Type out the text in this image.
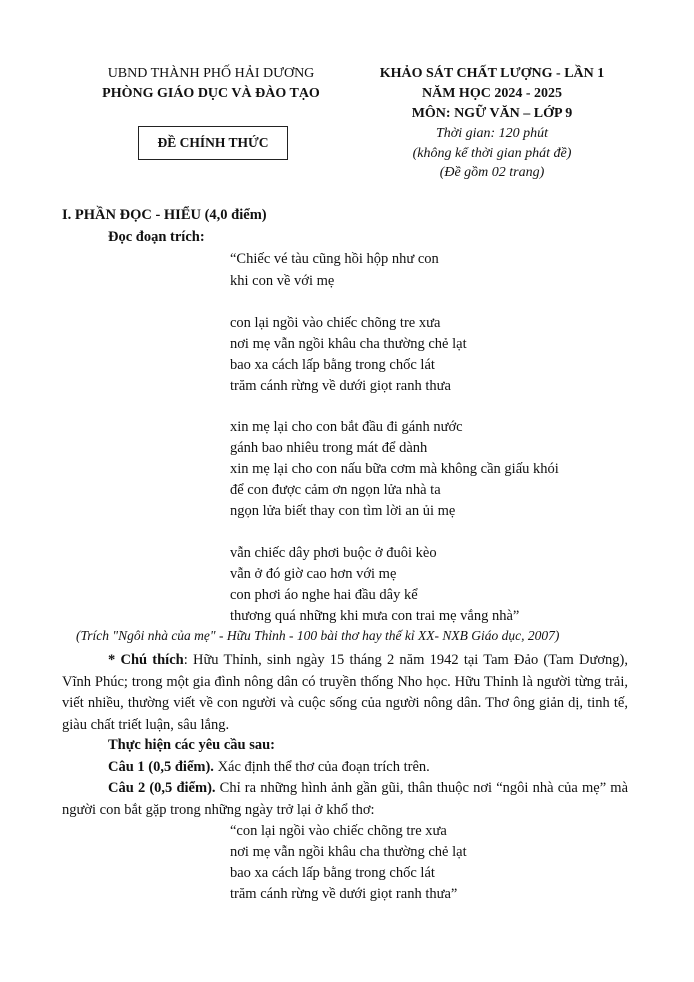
UBND THÀNH PHỐ HẢI DƯƠNG
PHÒNG GIÁO DỤC VÀ ĐÀO TẠO
ĐỀ CHÍNH THỨC
KHẢO SÁT CHẤT LƯỢNG - LẦN 1
NĂM HỌC 2024 - 2025
MÔN: NGỮ VĂN – LỚP 9
Thời gian: 120 phút
(không kể thời gian phát đề)
(Đề gồm 02 trang)
I. PHẦN ĐỌC - HIỂU (4,0 điểm)
Đọc đoạn trích:
“Chiếc vé tàu cũng hồi hộp như con
khi con về với mẹ
con lại ngồi vào chiếc chõng tre xưa
nơi mẹ vẫn ngồi khâu cha thường chẻ lạt
bao xa cách lấp bằng trong chốc lát
trăm cánh rừng về dưới giọt ranh thưa
xin mẹ lại cho con bắt đầu đi gánh nước
gánh bao nhiêu trong mát để dành
xin mẹ lại cho con nấu bữa cơm mà không cần giấu khói
để con được cảm ơn ngọn lửa nhà ta
ngọn lửa biết thay con tìm lời an ủi mẹ
vẫn chiếc dây phơi buộc ở đuôi kèo
vẫn ở đó giờ cao hơn với mẹ
con phơi áo nghe hai đầu dây kể
thương quá những khi mưa con trai mẹ vắng nhà”
(Trích "Ngôi nhà của mẹ" - Hữu Thỉnh - 100 bài thơ hay thế kỉ XX- NXB Giáo dục, 2007)
* Chú thích: Hữu Thỉnh, sinh ngày 15 tháng 2 năm 1942 tại Tam Đảo (Tam Dương), Vĩnh Phúc; trong một gia đình nông dân có truyền thống Nho học. Hữu Thỉnh là người từng trải, viết nhiều, thường viết về con người và cuộc sống của người nông dân. Thơ ông giản dị, tinh tế, giàu chất triết luận, sâu lắng.
Thực hiện các yêu cầu sau:
Câu 1 (0,5 điểm). Xác định thể thơ của đoạn trích trên.
Câu 2 (0,5 điểm). Chỉ ra những hình ảnh gần gũi, thân thuộc nơi “ngôi nhà của mẹ” mà người con bắt gặp trong những ngày trở lại ở khổ thơ:
“con lại ngồi vào chiếc chõng tre xưa
nơi mẹ vẫn ngồi khâu cha thường chẻ lạt
bao xa cách lấp bằng trong chốc lát
trăm cánh rừng về dưới giọt ranh thưa”
